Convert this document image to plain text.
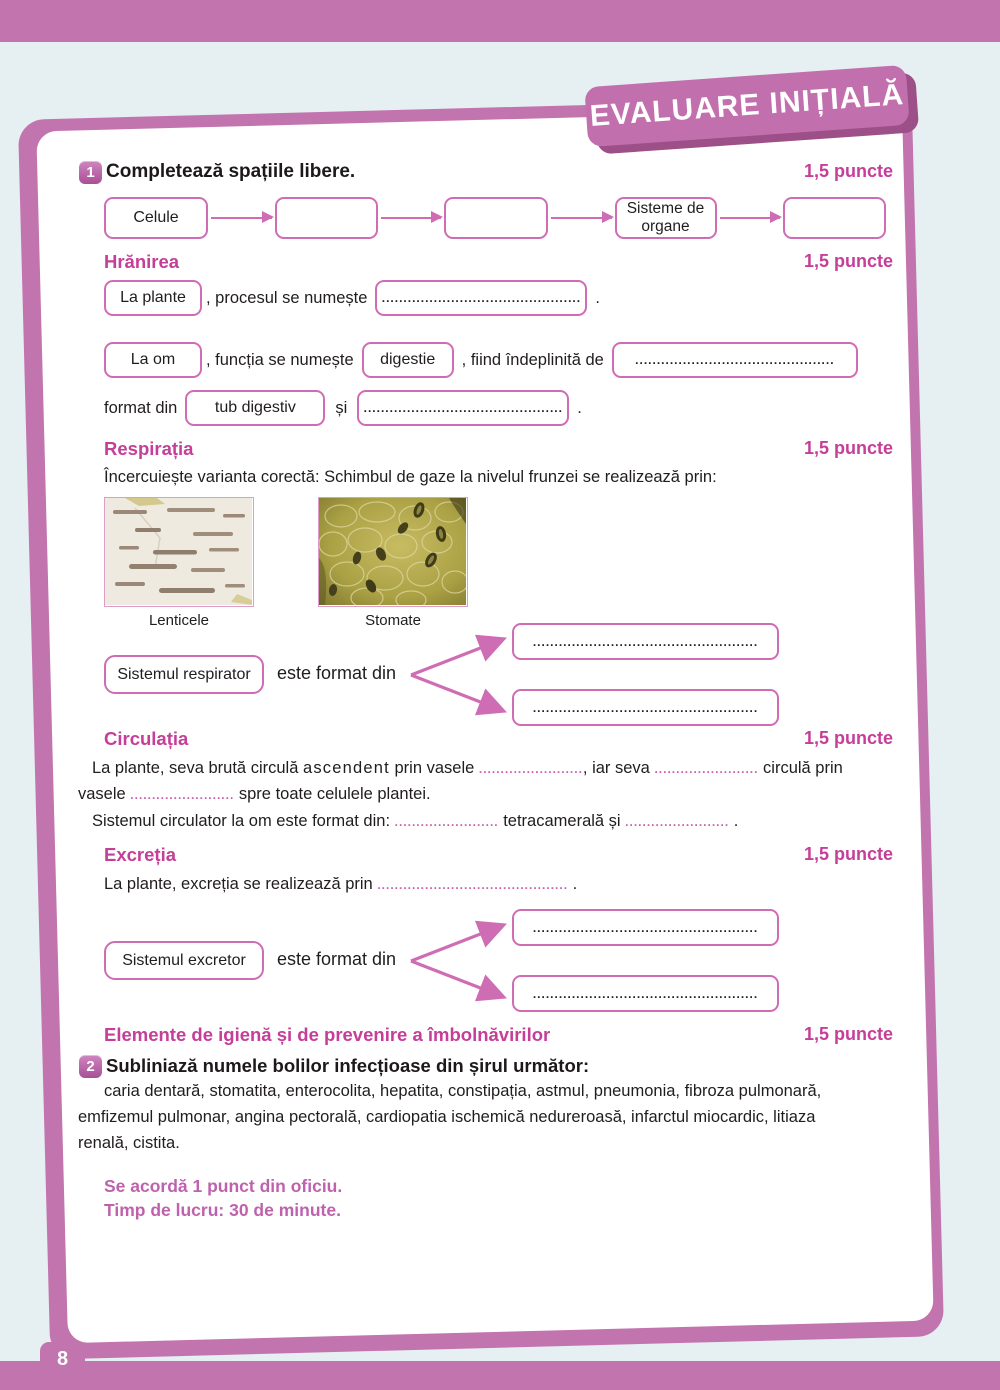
8
EVALUARE INIȚIALĂ
1 Completează spațiile libere.	1,5 puncte
Celule
Sisteme de organe
Hrănirea	1,5 puncte
La plante	, procesul se numește .............................................. .
La om	, funcția se numește	digestie	, fiind îndeplinită de	..............................................
format din	tub digestiv	și .............................................. .
Respirația	1,5 puncte
Încercuiește varianta corectă: Schimbul de gaze la nivelul frunzei se realizează prin:
Lenticele	Stomate
Sistemul respirator	este format din
....................................................
....................................................
Circulația	1,5 puncte
La plante, seva brută circulă ascendent prin vasele ........................, iar seva ........................ circulă prin
vasele ........................ spre toate celulele plantei.
Sistemul circulator la om este format din: ........................ tetracamerală și ........................ .
Excreția	1,5 puncte
La plante, excreția se realizează prin ............................................ .
Sistemul excretor	este format din
....................................................
....................................................
Elemente de igienă și de prevenire a îmbolnăvirilor	1,5 puncte
2 Subliniază numele bolilor infecțioase din șirul următor:
caria dentară, stomatita, enterocolita, hepatita, constipația, astmul, pneumonia, fibroza pulmonară,
emfizemul pulmonar, angina pectorală, cardiopatia ischemică nedureroasă, infarctul miocardic, litiaza
renală, cistita.
Se acordă 1 punct din oficiu.
Timp de lucru: 30 de minute.
